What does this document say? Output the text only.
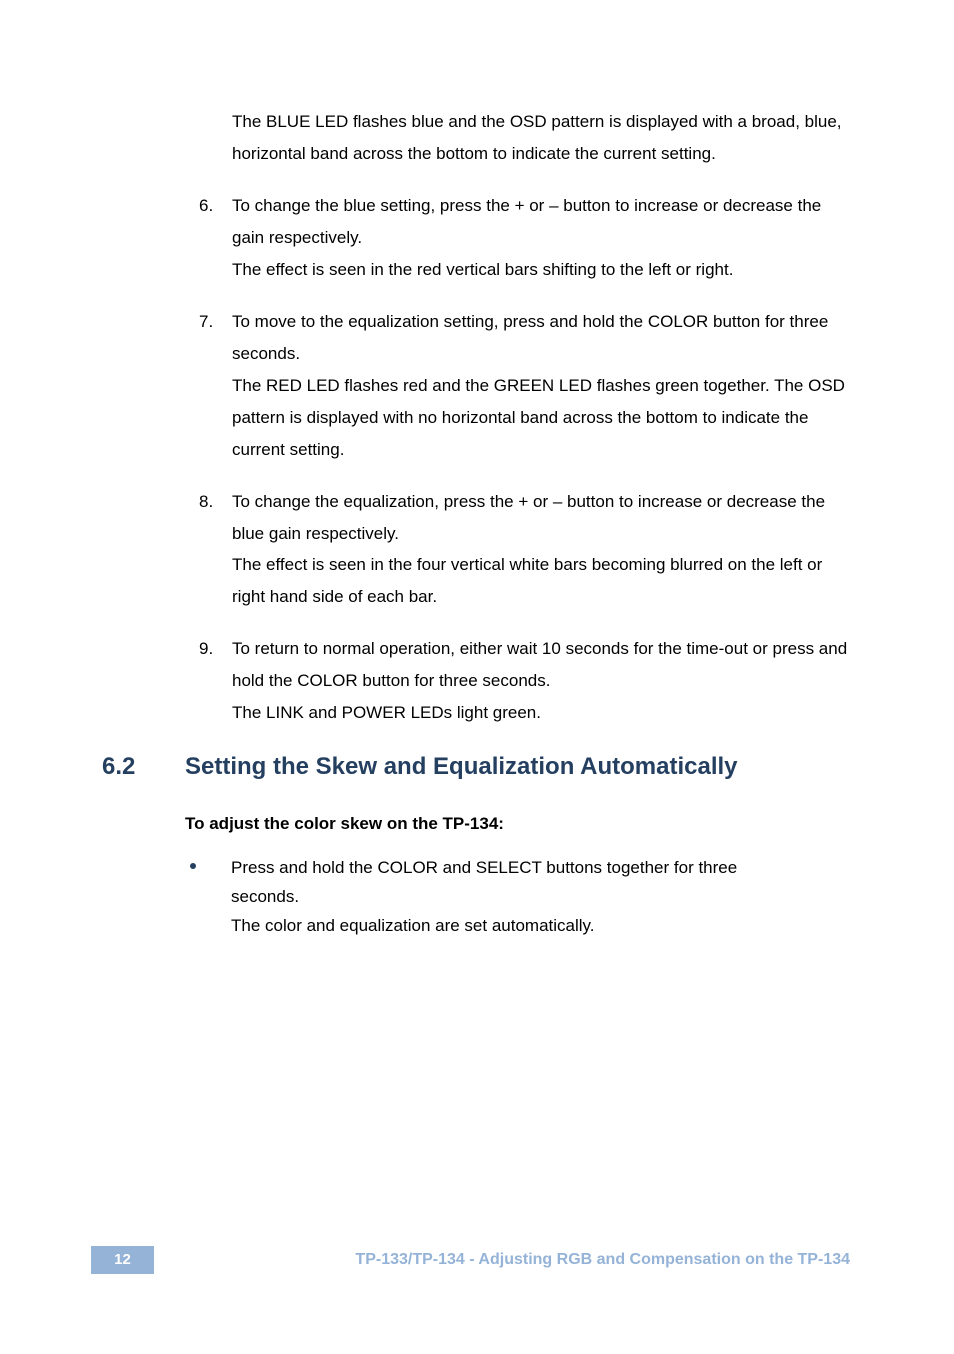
The BLUE LED flashes blue and the OSD pattern is displayed with a broad, blue, horizontal band across the bottom to indicate the current setting.

6. To change the blue setting, press the + or – button to increase or decrease the gain respectively.

The effect is seen in the red vertical bars shifting to the left or right.

7. To move to the equalization setting, press and hold the COLOR button for three seconds.

The RED LED flashes red and the GREEN LED flashes green together. The OSD pattern is displayed with no horizontal band across the bottom to indicate the current setting.

8. To change the equalization, press the + or – button to increase or decrease the blue gain respectively.

The effect is seen in the four vertical white bars becoming blurred on the left or right hand side of each bar.

9. To return to normal operation, either wait 10 seconds for the time-out or press and hold the COLOR button for three seconds.

The LINK and POWER LEDs light green.

6.2 Setting the Skew and Equalization Automatically
To adjust the color skew on the TP-134:
Press and hold the COLOR and SELECT buttons together for three seconds.
The color and equalization are set automatically.
12	TP-133/TP-134 - Adjusting RGB and Compensation on the TP-134
